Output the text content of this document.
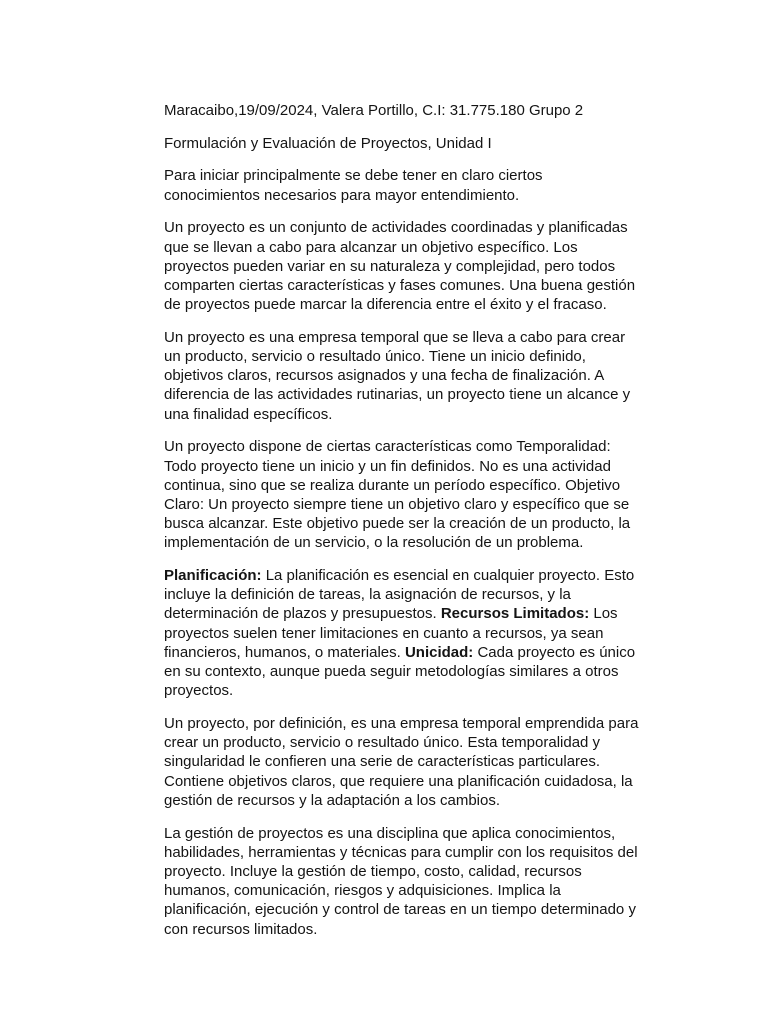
Maracaibo,19/09/2024, Valera Portillo, C.I: 31.775.180 Grupo 2
Formulación y Evaluación de Proyectos, Unidad I
Para iniciar principalmente se debe tener en claro ciertos
conocimientos necesarios para mayor entendimiento.
Un proyecto es un conjunto de actividades coordinadas y planificadas
que se llevan a cabo para alcanzar un objetivo específico. Los
proyectos pueden variar en su naturaleza y complejidad, pero todos
comparten ciertas características y fases comunes. Una buena gestión
de proyectos puede marcar la diferencia entre el éxito y el fracaso.
Un proyecto es una empresa temporal que se lleva a cabo para crear
un producto, servicio o resultado único. Tiene un inicio definido,
objetivos claros, recursos asignados y una fecha de finalización. A
diferencia de las actividades rutinarias, un proyecto tiene un alcance y
una finalidad específicos.
Un proyecto dispone de ciertas características como Temporalidad:
Todo proyecto tiene un inicio y un fin definidos. No es una actividad
continua, sino que se realiza durante un período específico. Objetivo
Claro: Un proyecto siempre tiene un objetivo claro y específico que se
busca alcanzar. Este objetivo puede ser la creación de un producto, la
implementación de un servicio, o la resolución de un problema.
Planificación: La planificación es esencial en cualquier proyecto. Esto
incluye la definición de tareas, la asignación de recursos, y la
determinación de plazos y presupuestos. Recursos Limitados: Los
proyectos suelen tener limitaciones en cuanto a recursos, ya sean
financieros, humanos, o materiales. Unicidad: Cada proyecto es único
en su contexto, aunque pueda seguir metodologías similares a otros
proyectos.
Un proyecto, por definición, es una empresa temporal emprendida para
crear un producto, servicio o resultado único. Esta temporalidad y
singularidad le confieren una serie de características particulares.
Contiene objetivos claros, que requiere una planificación cuidadosa, la
gestión de recursos y la adaptación a los cambios.
La gestión de proyectos es una disciplina que aplica conocimientos,
habilidades, herramientas y técnicas para cumplir con los requisitos del
proyecto. Incluye la gestión de tiempo, costo, calidad, recursos
humanos, comunicación, riesgos y adquisiciones. Implica la
planificación, ejecución y control de tareas en un tiempo determinado y
con recursos limitados.
